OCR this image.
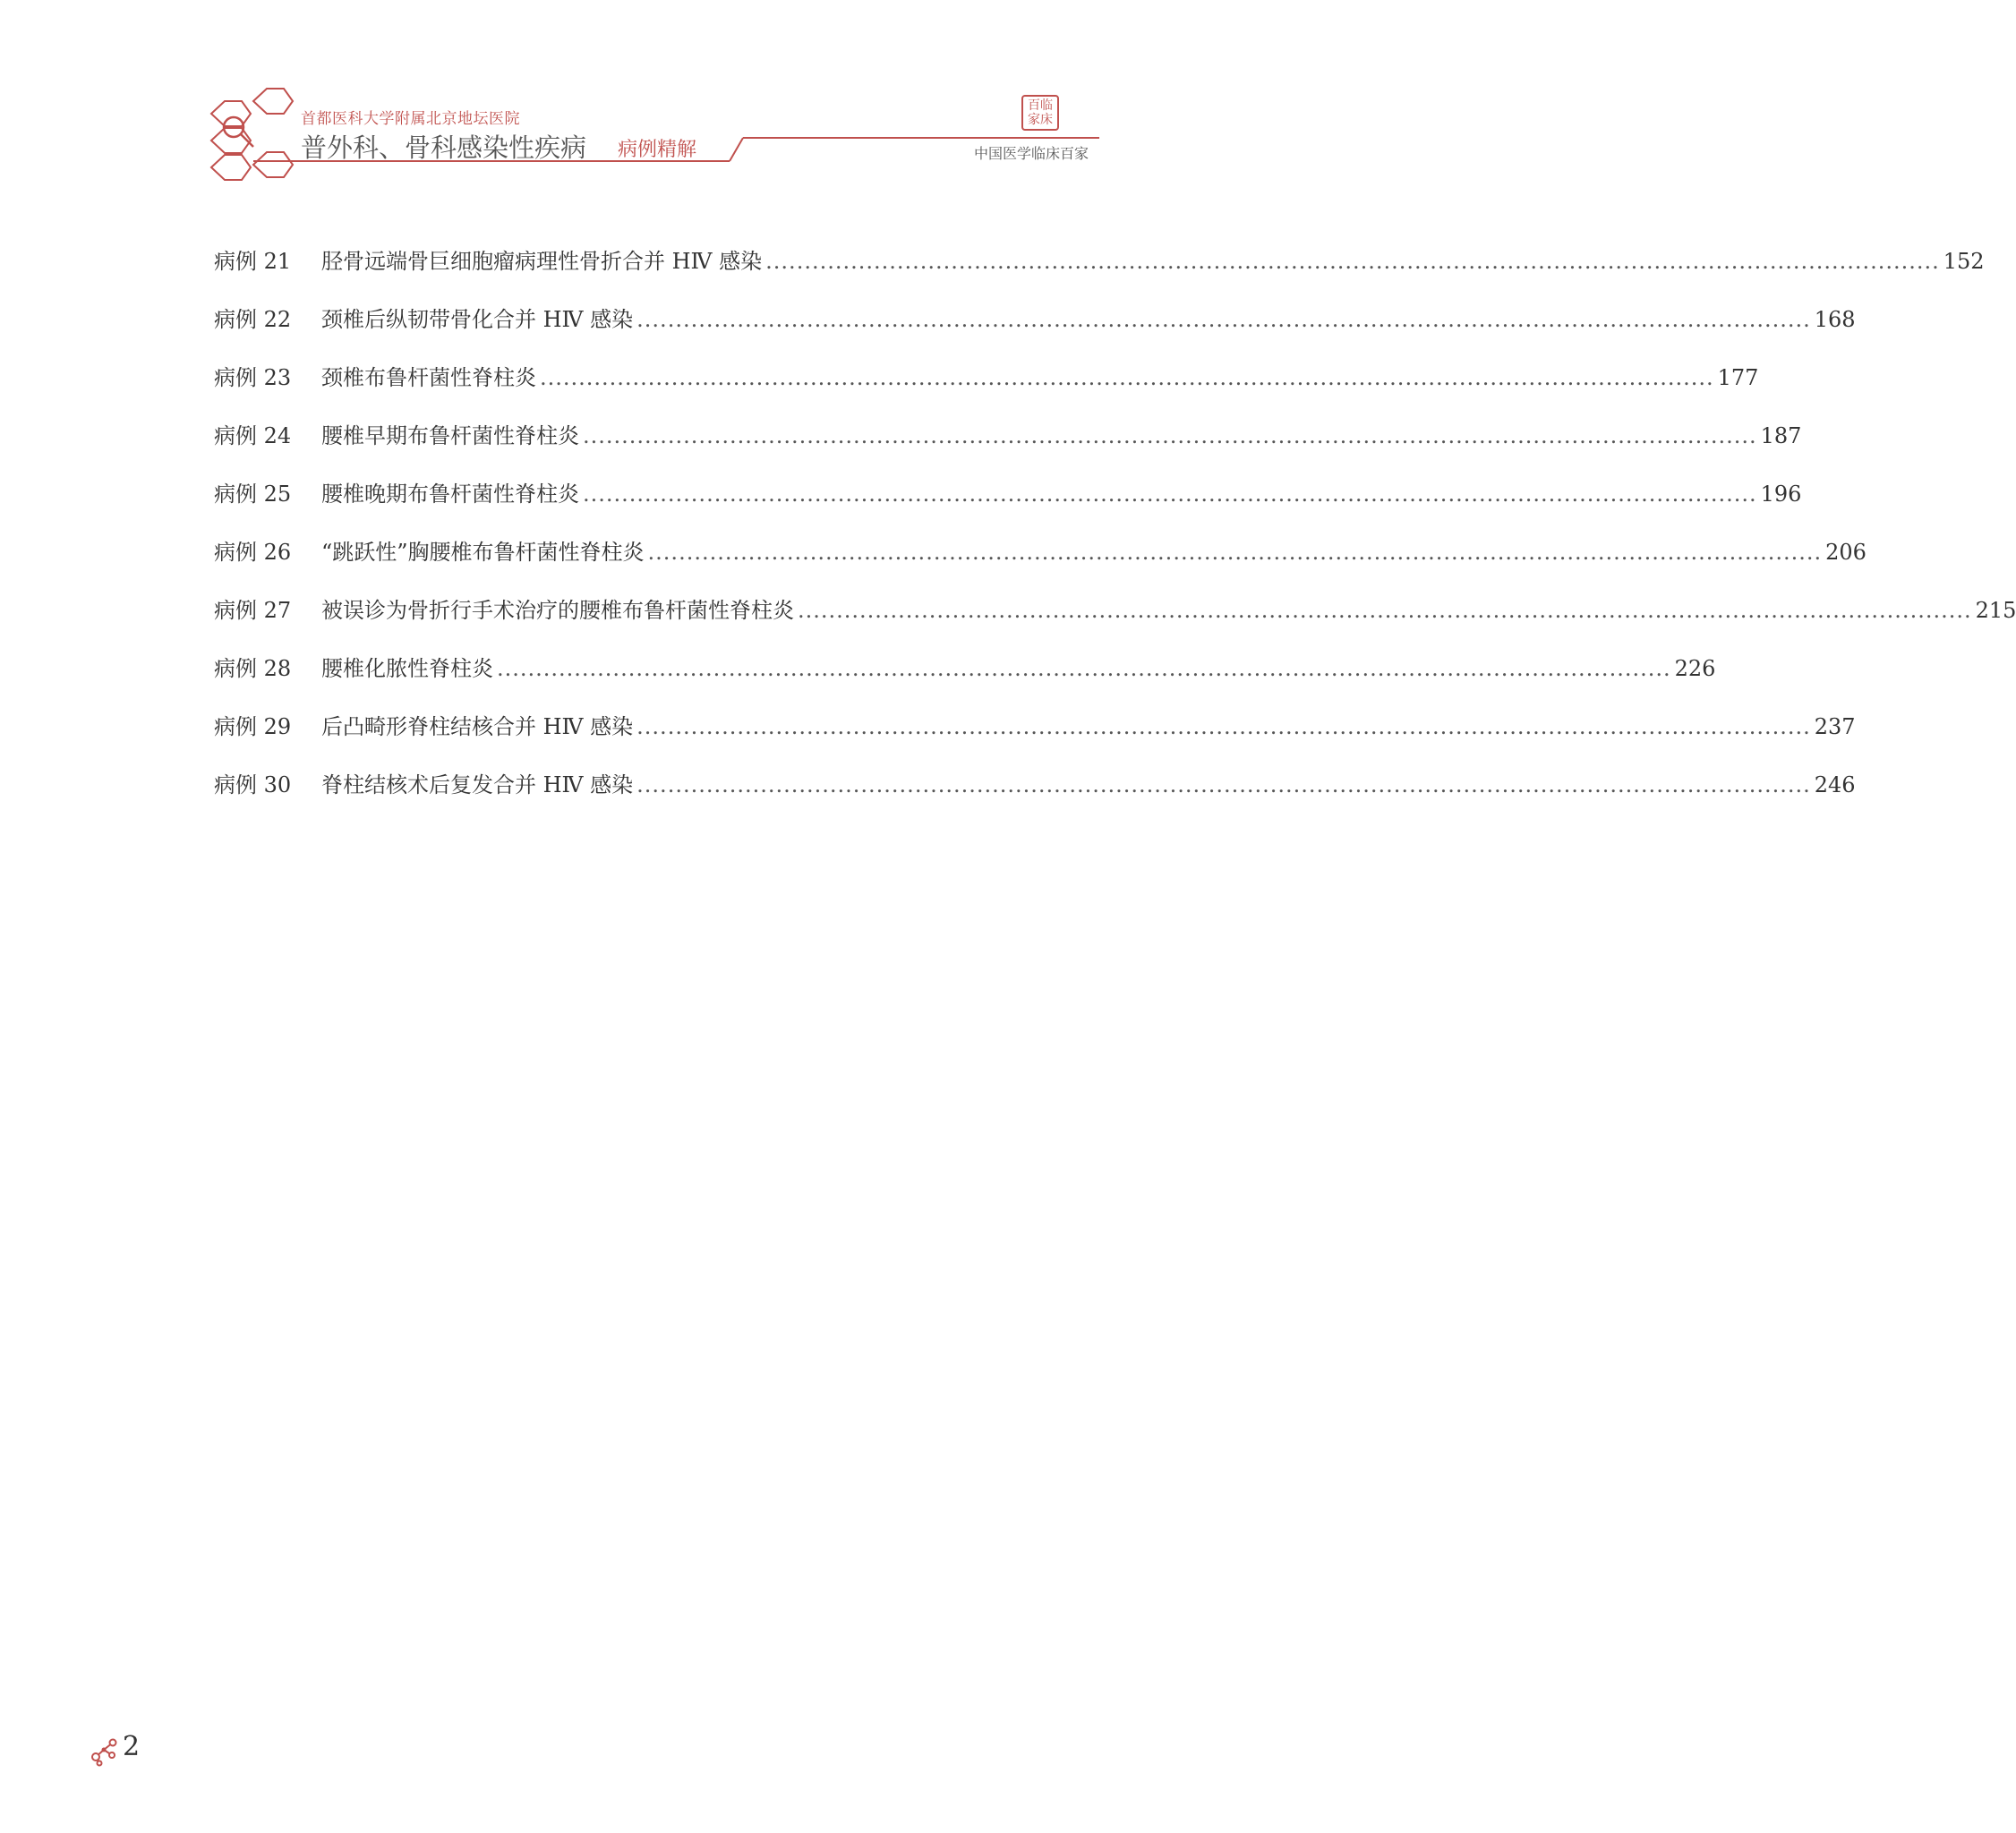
首都医科大学附属北京地坛医院
普外科、骨科感染性疾病 病例精解
百 临
家 床
中国医学临床百家
病例 21	胫骨远端骨巨细胞瘤病理性骨折合并 HⅣ 感染 ........................................................................................................................................................ 152
病例 22	颈椎后纵韧带骨化合并 HⅣ 感染 ........................................................................................................................................................ 168
病例 23	颈椎布鲁杆菌性脊柱炎 ........................................................................................................................................................ 177
病例 24	腰椎早期布鲁杆菌性脊柱炎 ........................................................................................................................................................ 187
病例 25	腰椎晚期布鲁杆菌性脊柱炎 ........................................................................................................................................................ 196
病例 26	“跳跃性”胸腰椎布鲁杆菌性脊柱炎 ........................................................................................................................................................ 206
病例 27	被误诊为骨折行手术治疗的腰椎布鲁杆菌性脊柱炎 ........................................................................................................................................................ 215
病例 28	腰椎化脓性脊柱炎 ........................................................................................................................................................ 226
病例 29	后凸畸形脊柱结核合并 HⅣ 感染 ........................................................................................................................................................ 237
病例 30	脊柱结核术后复发合并 HⅣ 感染 ........................................................................................................................................................ 246
2
